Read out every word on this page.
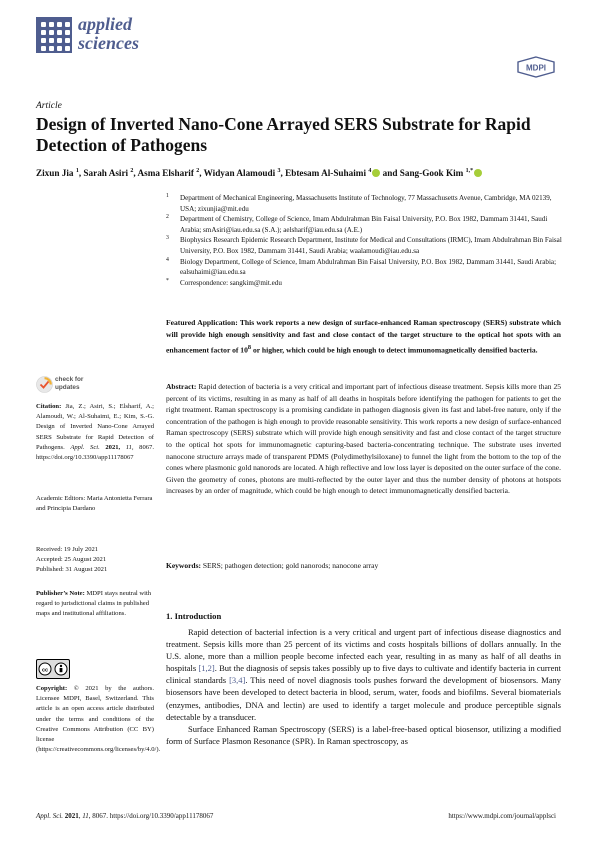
applied
sciences
MDPI
Article
Design of Inverted Nano-Cone Arrayed SERS Substrate for Rapid Detection of Pathogens
Zixun Jia $^1$, Sarah Asiri $^2$, Asma Elsharif $^2$, Widyan Alamoudi $^3$, Ebtesam Al-Suhaimi $^4$ and Sang-Gook Kim $^{1,*}$
1 Department of Mechanical Engineering, Massachusetts Institute of Technology, 77 Massachusetts Avenue, Cambridge, MA 02139, USA; zixunjia@mit.edu
2 Department of Chemistry, College of Science, Imam Abdulrahman Bin Faisal University, P.O. Box 1982, Dammam 31441, Saudi Arabia; smAsiri@iau.edu.sa (S.A.); aelsharif@iau.edu.sa (A.E.)
3 Biophysics Research Epidemic Research Department, Institute for Medical and Consultations (IRMC), Imam Abdulrahman Bin Faisal University, P.O. Box 1982, Dammam 31441, Saudi Arabia; waalamoudi@iau.edu.sa
4 Biology Department, College of Science, Imam Abdulrahman Bin Faisal University, P.O. Box 1982, Dammam 31441, Saudi Arabia; ealsuhaimi@iau.edu.sa
* Correspondence: sangkim@mit.edu
Featured Application: This work reports a new design of surface-enhanced Raman spectroscopy (SERS) substrate which will provide high enough sensitivity and fast and close contact of the target structure to the optical hot spots with an enhancement factor of $10^8$ or higher, which could be high enough to detect immunomagnetically densified bacteria.
Abstract: Rapid detection of bacteria is a very critical and important part of infectious disease treatment. Sepsis kills more than 25 percent of its victims, resulting in as many as half of all deaths in hospitals before identifying the pathogen for patients to get the right treatment. Raman spectroscopy is a promising candidate in pathogen diagnosis given its fast and label-free nature, only if the concentration of the pathogen is high enough to provide reasonable sensitivity. This work reports a new design of surface-enhanced Raman spectroscopy (SERS) substrate which will provide high enough sensitivity and fast and close contact of the target structure to the optical hot spots for immunomagnetic capturing-based bacteria-concentrating technique. The substrate uses inverted nanocone structure arrays made of transparent PDMS (Polydimethylsiloxane) to funnel the light from the bottom to the top of the cones where plasmonic gold nanorods are located. A high reflective and low loss layer is deposited on the outer surface of the cone. Given the geometry of cones, photons are multi-reflected by the outer layer and thus the number density of photons at hotspots increases by an order of magnitude, which could be high enough to detect immunomagnetically densified bacteria.
Keywords: SERS; pathogen detection; gold nanorods; nanocone array
check for
updates
Citation: Jia, Z.; Asiri, S.; Elsharif, A.; Alamoudi, W.; Al-Suhaimi, E.; Kim, S.-G. Design of Inverted Nano-Cone Arrayed SERS Substrate for Rapid Detection of Pathogens. Appl. Sci. 2021, 11, 8067. https://doi.org/10.3390/app11178067
Academic Editors: Maria Antonietta Ferrara and Principia Dardano
Received: 19 July 2021
Accepted: 25 August 2021
Published: 31 August 2021
Publisher’s Note: MDPI stays neutral with regard to jurisdictional claims in published maps and institutional affiliations.
cc
Copyright: © 2021 by the authors. Licensee MDPI, Basel, Switzerland. This article is an open access article distributed under the terms and conditions of the Creative Commons Attribution (CC BY) license (https://creativecommons.org/licenses/by/4.0/).
1. Introduction

Rapid detection of bacterial infection is a very critical and urgent part of infectious disease diagnostics and treatment. Sepsis kills more than 25 percent of its victims and costs hospitals billions of dollars annually. In the U.S. alone, more than a million people become infected each year, resulting in as many as half of all deaths in hospitals [1,2]. But the diagnosis of sepsis takes possibly up to five days to cultivate and identify bacteria in current clinical standards [3,4]. This need of novel diagnosis tools pushes forward the development of biosensors. Many biosensors have been developed to detect bacteria in blood, serum, water, foods and biofilms. Several biomaterials (enzymes, antibodies, DNA and lectin) are used to identify a target molecule and produce perceptible signals detectable by a transducer.

Surface Enhanced Raman Spectroscopy (SERS) is a label-free-based optical biosensor, utilizing a modified form of Surface Plasmon Resonance (SPR). In Raman spectroscopy, as

Appl. Sci. 2021, 11, 8067. https://doi.org/10.3390/app11178067	https://www.mdpi.com/journal/applsci
